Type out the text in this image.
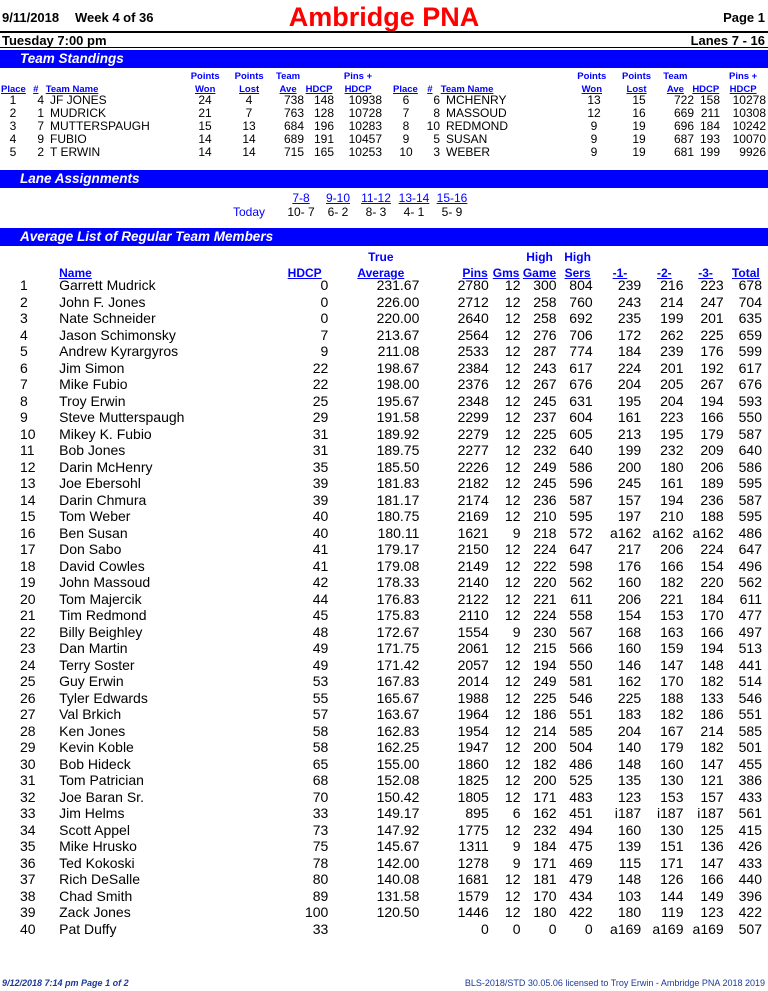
9/11/2018 Week 4 of 36	Ambridge PNA	Page 1
Tuesday 7:00 pm	Lanes 7 - 16
Team Standings
			Points	Points	Team		Pins +
Place	#	Team Name	Won	Lost	Ave	HDCP	HDCP
1	4	JF JONES	24	4	738	148	10938
2	1	MUDRICK	21	7	763	128	10728
3	7	MUTTERSPAUGH	15	13	684	196	10283
4	9	FUBIO	14	14	689	191	10457
5	2	T ERWIN	14	14	715	165	10253
			Points	Points	Team		Pins +
Place	#	Team Name	Won	Lost	Ave	HDCP	HDCP
6	6	MCHENRY	13	15	722	158	10278
7	8	MASSOUD	12	16	669	211	10308
8	10	REDMOND	9	19	696	184	10242
9	5	SUSAN	9	19	687	193	10070
10	3	WEBER	9	19	681	199	9926
Lane Assignments
Today
7-8	9-10 11-12 13-14 15-16
10- 7	6- 2	8- 3	4- 1	5- 9
Average List of Regular Team Members
			True			High	High				
	Name	HDCP	Average	Pins	Gms	Game	Sers	-1-	-2-	-3-	Total
1	Garrett Mudrick	0	231.67	2780	12	300	804	239	216	223	678
2	John F. Jones	0	226.00	2712	12	258	760	243	214	247	704
3	Nate Schneider	0	220.00	2640	12	258	692	235	199	201	635
4	Jason Schimonsky	7	213.67	2564	12	276	706	172	262	225	659
5	Andrew Kyrargyros	9	211.08	2533	12	287	774	184	239	176	599
6	Jim Simon	22	198.67	2384	12	243	617	224	201	192	617
7	Mike Fubio	22	198.00	2376	12	267	676	204	205	267	676
8	Troy Erwin	25	195.67	2348	12	245	631	195	204	194	593
9	Steve Mutterspaugh	29	191.58	2299	12	237	604	161	223	166	550
10	Mikey K. Fubio	31	189.92	2279	12	225	605	213	195	179	587
11	Bob Jones	31	189.75	2277	12	232	640	199	232	209	640
12	Darin McHenry	35	185.50	2226	12	249	586	200	180	206	586
13	Joe Ebersohl	39	181.83	2182	12	245	596	245	161	189	595
14	Darin Chmura	39	181.17	2174	12	236	587	157	194	236	587
15	Tom Weber	40	180.75	2169	12	210	595	197	210	188	595
16	Ben Susan	40	180.11	1621	9	218	572	a162	a162	a162	486
17	Don Sabo	41	179.17	2150	12	224	647	217	206	224	647
18	David Cowles	41	179.08	2149	12	222	598	176	166	154	496
19	John Massoud	42	178.33	2140	12	220	562	160	182	220	562
20	Tom Majercik	44	176.83	2122	12	221	611	206	221	184	611
21	Tim Redmond	45	175.83	2110	12	224	558	154	153	170	477
22	Billy Beighley	48	172.67	1554	9	230	567	168	163	166	497
23	Dan Martin	49	171.75	2061	12	215	566	160	159	194	513
24	Terry Soster	49	171.42	2057	12	194	550	146	147	148	441
25	Guy Erwin	53	167.83	2014	12	249	581	162	170	182	514
26	Tyler Edwards	55	165.67	1988	12	225	546	225	188	133	546
27	Val Brkich	57	163.67	1964	12	186	551	183	182	186	551
28	Ken Jones	58	162.83	1954	12	214	585	204	167	214	585
29	Kevin Koble	58	162.25	1947	12	200	504	140	179	182	501
30	Bob Hideck	65	155.00	1860	12	182	486	148	160	147	455
31	Tom Patrician	68	152.08	1825	12	200	525	135	130	121	386
32	Joe Baran Sr.	70	150.42	1805	12	171	483	123	153	157	433
33	Jim Helms	33	149.17	895	6	162	451	i187	i187	i187	561
34	Scott Appel	73	147.92	1775	12	232	494	160	130	125	415
35	Mike Hrusko	75	145.67	1311	9	184	475	139	151	136	426
36	Ted Kokoski	78	142.00	1278	9	171	469	115	171	147	433
37	Rich DeSalle	80	140.08	1681	12	181	479	148	126	166	440
38	Chad Smith	89	131.58	1579	12	170	434	103	144	149	396
39	Zack Jones	100	120.50	1446	12	180	422	180	119	123	422
40	Pat Duffy	33		0	0	0	0	a169	a169	a169	507
9/12/2018 7:14 pm Page 1 of 2	BLS-2018/STD 30.05.06 licensed to Troy Erwin - Ambridge PNA 2018 2019
